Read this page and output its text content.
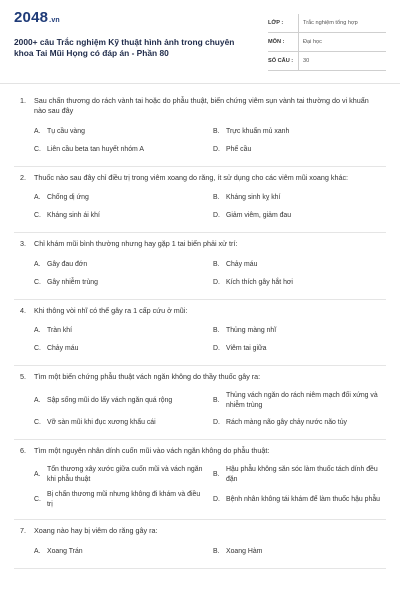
2048.vn
2000+ câu Trắc nghiệm Kỹ thuật hình ảnh trong chuyên khoa Tai Mũi Họng có đáp án - Phần 80
LỚP :	Trắc nghiệm tổng hợp
MÔN :	Đại học
SỐ CÂU :	30
1.	Sau chấn thương do rách vành tai hoặc do phẫu thuật, biến chứng viêm sụn vành tai thường do vi khuẩn nào sau đây
A. Tụ cầu vàng	B. Trực khuẩn mủ xanh
C. Liên cầu beta tan huyết nhóm A	D. Phế cầu
2.	Thuốc nào sau đây chỉ điều trị trong viêm xoang do răng, ít sử dụng cho các viêm mũi xoang khác:
A. Chống dị ứng	B. Kháng sinh kỵ khí
C. Kháng sinh ái khí	D. Giảm viêm, giảm đau
3.	Chỉ khám mũi bình thường nhưng hay gặp 1 tai biến phải xử trí:
A. Gây đau đớn	B. Chảy máu
C. Gây nhiễm trùng	D. Kích thích gây hắt hơi
4.	Khi thông vòi nhĩ có thể gây ra 1 cấp cứu ở mũi:
A. Tràn khí	B. Thủng màng nhĩ
C. Chảy máu	D. Viêm tai giữa
5.	Tìm một biến chứng phẫu thuật vách ngăn không do thầy thuốc gây ra:
A. Sập sống mũi do lấy vách ngăn quá rộng	B.
Thủng vách ngăn do rách niêm mạch đối xứng và nhiễm trùng
C. Vỡ sàn mũi khi đục xương khẩu cái	D. Rách màng não gây chảy nước não tủy
6.	Tìm một nguyên nhân dính cuốn mũi vào vách ngăn không do phẫu thuật:
A.
Tổn thương xây xước giữa cuốn mũi và vách ngăn khi phẫu thuật
B.
Hậu phẫu không săn sóc làm thuốc tách dính đều đặn
C.
Bị chấn thương mũi nhưng không đi khám và điều trị
D. Bệnh nhân không tái khám để làm thuốc hậu phẫu
7.	Xoang nào hay bị viêm do răng gây ra:
A. Xoang Trán	B. Xoang Hàm
